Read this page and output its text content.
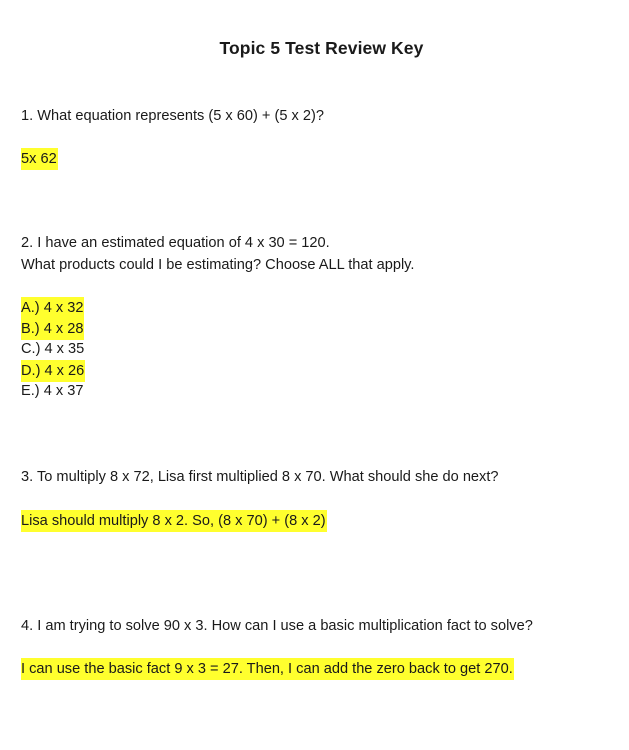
Topic 5 Test Review Key
1. What equation represents (5 x 60) + (5 x 2)?
5x 62
2. I have an estimated equation of 4 x 30 = 120.
What products could I be estimating? Choose ALL that apply.
A.) 4 x 32
B.) 4 x 28
C.) 4 x 35
D.) 4 x 26
E.) 4 x 37
3. To multiply 8 x 72, Lisa first multiplied 8 x 70. What should she do next?
Lisa should multiply 8 x 2. So, (8 x 70) + (8 x 2)
4. I am trying to solve 90 x 3. How can I use a basic multiplication fact to solve?
I can use the basic fact 9 x 3 = 27. Then, I can add the zero back to get 270.
